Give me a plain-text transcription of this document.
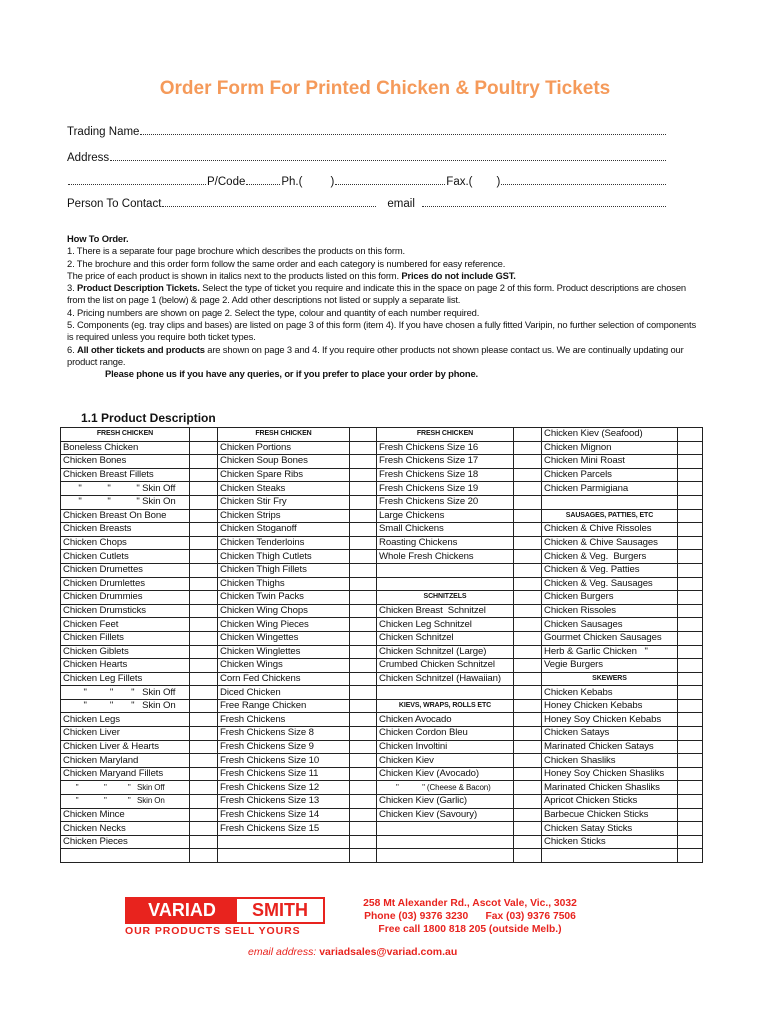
Order Form For Printed Chicken & Poultry Tickets
Trading Name
Address
P/Code	Ph.( )	Fax.( )
Person To Contact	email
How To Order.
1. There is a separate four page brochure which describes the products on this form.
2. The brochure and this order form follow the same order and each category is numbered for easy reference.
The price of each product is shown in italics next to the products listed on this form. Prices do not include GST.
3. Product Description Tickets. Select the type of ticket you require and indicate this in the space on page 2 of this form. Product descriptions are chosen from the list on page 1 (below) & page 2. Add other descriptions not listed or supply a separate list.
4. Pricing numbers are shown on page 2. Select the type, colour and quantity of each number required.
5. Components (eg. tray clips and bases) are listed on page 3 of this form (item 4). If you have chosen a fully fitted Varipin, no further selection of components is required unless you require both ticket types.
6. All other tickets and products are shown on page 3 and 4. If you require other products not shown please contact us. We are continually updating our product range.
Please phone us if you have any queries, or if you prefer to place your order by phone.
1.1 Product Description
FRESH CHICKEN		FRESH CHICKEN		FRESH CHICKEN		Chicken Kiev (Seafood)	
Boneless Chicken		Chicken Portions		Fresh Chickens Size 16		Chicken Mignon	
Chicken Bones		Chicken Soup Bones		Fresh Chickens Size 17		Chicken Mini Roast	
Chicken Breast Fillets		Chicken Spare Ribs		Fresh Chickens Size 18		Chicken Parcels	
"          "          " Skin Off		Chicken Steaks		Fresh Chickens Size 19		Chicken Parmigiana	
"          "          " Skin On		Chicken Stir Fry		Fresh Chickens Size 20			
Chicken Breast On Bone		Chicken Strips		Large Chickens		SAUSAGES, PATTIES, ETC	
Chicken Breasts		Chicken Stoganoff		Small Chickens		Chicken & Chive Rissoles	
Chicken Chops		Chicken Tenderloins		Roasting Chickens		Chicken & Chive Sausages	
Chicken Cutlets		Chicken Thigh Cutlets		Whole Fresh Chickens		Chicken & Veg.  Burgers	
Chicken Drumettes		Chicken Thigh Fillets				Chicken & Veg. Patties	
Chicken Drumlettes		Chicken Thighs				Chicken & Veg. Sausages	
Chicken Drummies		Chicken Twin Packs		SCHNITZELS		Chicken Burgers	
Chicken Drumsticks		Chicken Wing Chops		Chicken Breast  Schnitzel		Chicken Rissoles	
Chicken Feet		Chicken Wing Pieces		Chicken Leg Schnitzel		Chicken Sausages	
Chicken Fillets		Chicken Wingettes		Chicken Schnitzel		Gourmet Chicken Sausages	
Chicken Giblets		Chicken Winglettes		Chicken Schnitzel (Large)		Herb & Garlic Chicken   "	
Chicken Hearts		Chicken Wings		Crumbed Chicken Schnitzel		Vegie Burgers	
Chicken Leg Fillets		Corn Fed Chickens		Chicken Schnitzel (Hawaiian)		SKEWERS	
"         "       "   Skin Off		Diced Chicken				Chicken Kebabs	
"         "       "   Skin On		Free Range Chicken		KIEVS, WRAPS, ROLLS ETC		Honey Chicken Kebabs	
Chicken Legs		Fresh Chickens		Chicken Avocado		Honey Soy Chicken Kebabs	
Chicken Liver		Fresh Chickens Size 8		Chicken Cordon Bleu		Chicken Satays	
Chicken Liver & Hearts		Fresh Chickens Size 9		Chicken Involtini		Marinated Chicken Satays	
Chicken Maryland		Fresh Chickens Size 10		Chicken Kiev		Chicken Shasliks	
Chicken Maryand Fillets		Fresh Chickens Size 11		Chicken Kiev (Avocado)		Honey Soy Chicken Shasliks	
"            "          "   Skin Off		Fresh Chickens Size 12		"           " (Cheese & Bacon)		Marinated Chicken Shasliks	
"            "          "   Skin On		Fresh Chickens Size 13		Chicken Kiev (Garlic)		Apricot Chicken Sticks	
Chicken Mince		Fresh Chickens Size 14		Chicken Kiev (Savoury)		Barbecue Chicken Sticks	
Chicken Necks		Fresh Chickens Size 15				Chicken Satay Sticks	
Chicken Pieces						Chicken Sticks	

VARIAD	SMITH
OUR PRODUCTS SELL YOURS
258 Mt Alexander Rd., Ascot Vale, Vic., 3032
Phone (03) 9376 3230 Fax (03) 9376 7506
Free call 1800 818 205 (outside Melb.)
email address: variadsales@variad.com.au
